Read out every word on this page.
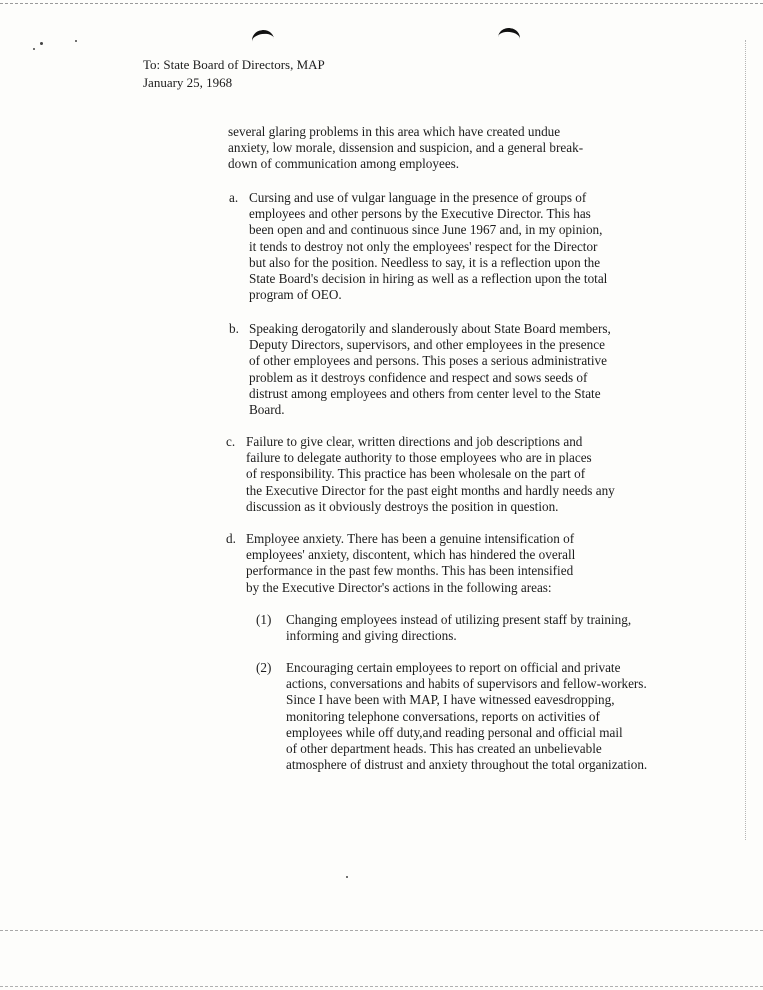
To: State Board of Directors, MAP
January 25, 1968
several glaring problems in this area which have created undue
anxiety, low morale, dissension and suspicion, and a general break-
down of communication among employees.
a. Cursing and use of vulgar language in the presence of groups of
employees and other persons by the Executive Director. This has
been open and and continuous since June 1967 and, in my opinion,
it tends to destroy not only the employees' respect for the Director
but also for the position. Needless to say, it is a reflection upon the
State Board's decision in hiring as well as a reflection upon the total
program of OEO.
b. Speaking derogatorily and slanderously about State Board members,
Deputy Directors, supervisors, and other employees in the presence
of other employees and persons. This poses a serious administrative
problem as it destroys confidence and respect and sows seeds of
distrust among employees and others from center level to the State
Board.
c. Failure to give clear, written directions and job descriptions and
failure to delegate authority to those employees who are in places
of responsibility. This practice has been wholesale on the part of
the Executive Director for the past eight months and hardly needs any
discussion as it obviously destroys the position in question.
d. Employee anxiety. There has been a genuine intensification of
employees' anxiety, discontent, which has hindered the overall
performance in the past few months. This has been intensified
by the Executive Director's actions in the following areas:
(1) Changing employees instead of utilizing present staff by training,
informing and giving directions.
(2) Encouraging certain employees to report on official and private
actions, conversations and habits of supervisors and fellow-workers.
Since I have been with MAP, I have witnessed eavesdropping,
monitoring telephone conversations, reports on activities of
employees while off duty,and reading personal and official mail
of other department heads. This has created an unbelievable
atmosphere of distrust and anxiety throughout the total organization.
